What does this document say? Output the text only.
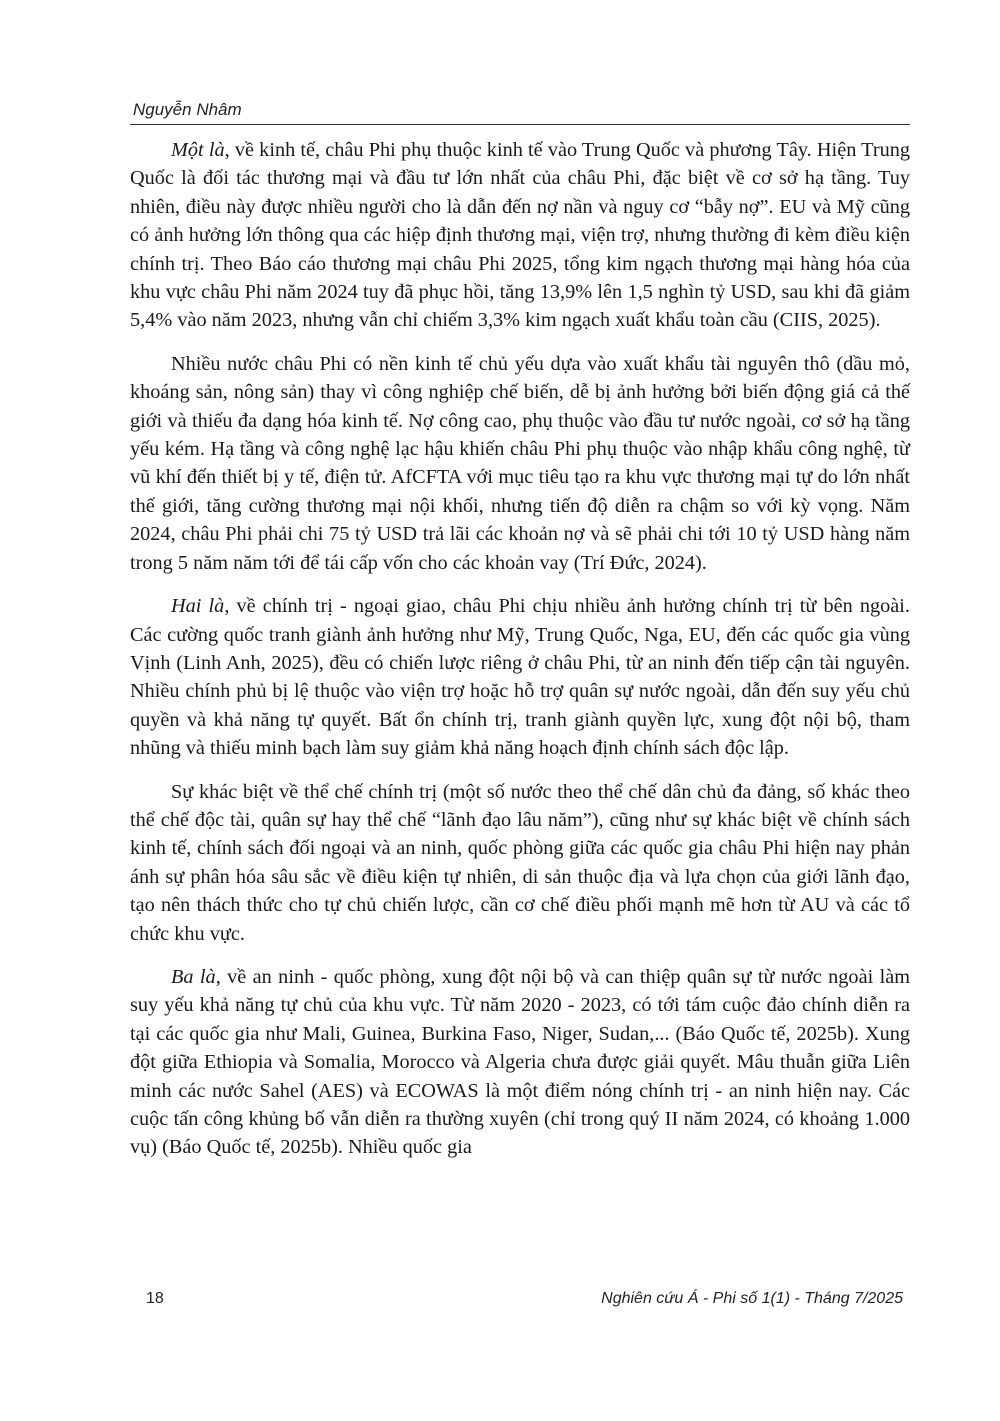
Nguyễn Nhâm

Một là, về kinh tế, châu Phi phụ thuộc kinh tế vào Trung Quốc và phương Tây. Hiện Trung Quốc là đối tác thương mại và đầu tư lớn nhất của châu Phi, đặc biệt về cơ sở hạ tầng. Tuy nhiên, điều này được nhiều người cho là dẫn đến nợ nần và nguy cơ “bẫy nợ”. EU và Mỹ cũng có ảnh hưởng lớn thông qua các hiệp định thương mại, viện trợ, nhưng thường đi kèm điều kiện chính trị. Theo Báo cáo thương mại châu Phi 2025, tổng kim ngạch thương mại hàng hóa của khu vực châu Phi năm 2024 tuy đã phục hồi, tăng 13,9% lên 1,5 nghìn tỷ USD, sau khi đã giảm 5,4% vào năm 2023, nhưng vẫn chỉ chiếm 3,3% kim ngạch xuất khẩu toàn cầu (CIIS, 2025).

Nhiều nước châu Phi có nền kinh tế chủ yếu dựa vào xuất khẩu tài nguyên thô (dầu mỏ, khoáng sản, nông sản) thay vì công nghiệp chế biến, dễ bị ảnh hưởng bởi biến động giá cả thế giới và thiếu đa dạng hóa kinh tế. Nợ công cao, phụ thuộc vào đầu tư nước ngoài, cơ sở hạ tầng yếu kém. Hạ tầng và công nghệ lạc hậu khiến châu Phi phụ thuộc vào nhập khẩu công nghệ, từ vũ khí đến thiết bị y tế, điện tử. AfCFTA với mục tiêu tạo ra khu vực thương mại tự do lớn nhất thế giới, tăng cường thương mại nội khối, nhưng tiến độ diễn ra chậm so với kỳ vọng. Năm 2024, châu Phi phải chi 75 tỷ USD trả lãi các khoản nợ và sẽ phải chi tới 10 tỷ USD hàng năm trong 5 năm năm tới để tái cấp vốn cho các khoản vay (Trí Đức, 2024).

Hai là, về chính trị - ngoại giao, châu Phi chịu nhiều ảnh hưởng chính trị từ bên ngoài. Các cường quốc tranh giành ảnh hưởng như Mỹ, Trung Quốc, Nga, EU, đến các quốc gia vùng Vịnh (Linh Anh, 2025), đều có chiến lược riêng ở châu Phi, từ an ninh đến tiếp cận tài nguyên. Nhiều chính phủ bị lệ thuộc vào viện trợ hoặc hỗ trợ quân sự nước ngoài, dẫn đến suy yếu chủ quyền và khả năng tự quyết. Bất ổn chính trị, tranh giành quyền lực, xung đột nội bộ, tham nhũng và thiếu minh bạch làm suy giảm khả năng hoạch định chính sách độc lập.

Sự khác biệt về thể chế chính trị (một số nước theo thể chế dân chủ đa đảng, số khác theo thể chế độc tài, quân sự hay thể chế “lãnh đạo lâu năm”), cũng như sự khác biệt về chính sách kinh tế, chính sách đối ngoại và an ninh, quốc phòng giữa các quốc gia châu Phi hiện nay phản ánh sự phân hóa sâu sắc về điều kiện tự nhiên, di sản thuộc địa và lựa chọn của giới lãnh đạo, tạo nên thách thức cho tự chủ chiến lược, cần cơ chế điều phối mạnh mẽ hơn từ AU và các tổ chức khu vực.

Ba là, về an ninh - quốc phòng, xung đột nội bộ và can thiệp quân sự từ nước ngoài làm suy yếu khả năng tự chủ của khu vực. Từ năm 2020 - 2023, có tới tám cuộc đảo chính diễn ra tại các quốc gia như Mali, Guinea, Burkina Faso, Niger, Sudan,... (Báo Quốc tế, 2025b). Xung đột giữa Ethiopia và Somalia, Morocco và Algeria chưa được giải quyết. Mâu thuẫn giữa Liên minh các nước Sahel (AES) và ECOWAS là một điểm nóng chính trị - an ninh hiện nay. Các cuộc tấn công khủng bố vẫn diễn ra thường xuyên (chỉ trong quý II năm 2024, có khoảng 1.000 vụ) (Báo Quốc tế, 2025b). Nhiều quốc gia

18	Nghiên cứu Á - Phi số 1(1) - Tháng 7/2025
